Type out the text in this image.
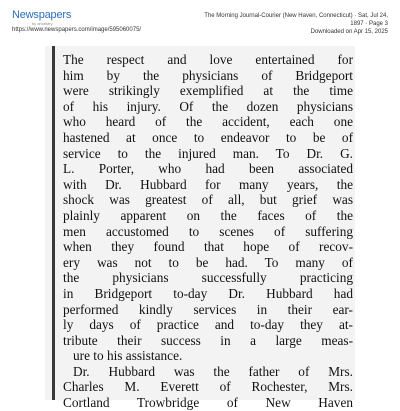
Newspapers
by ancestry
https://www.newspapers.com/image/595060075/
The Morning Journal-Courier (New Haven, Connecticut) · Sat, Jul 24,
1897 · Page 3
Downloaded on Apr 15, 2025

The respect and love entertained for

him by the physicians of Bridgeport

were strikingly exemplified at the time

of his injury. Of the dozen physicians

who heard of the accident, each one

hastened at once to endeavor to be of

service to the injured man. To Dr. G.

L. Porter, who had been associated

with Dr. Hubbard for many years, the

shock was greatest of all, but grief was

plainly apparent on the faces of the

men accustomed to scenes of suffering

when they found that hope of recov-

ery was not to be had. To many of

the physicians successfully practicing

in Bridgeport to-day Dr. Hubbard had

performed kindly services in their ear-

ly days of practice and to-day they at-

tribute their success in a large meas-

ure to his assistance.

Dr. Hubbard was the father of Mrs.

Charles M. Everett of Rochester, Mrs.

Cortland Trowbridge of New Haven
